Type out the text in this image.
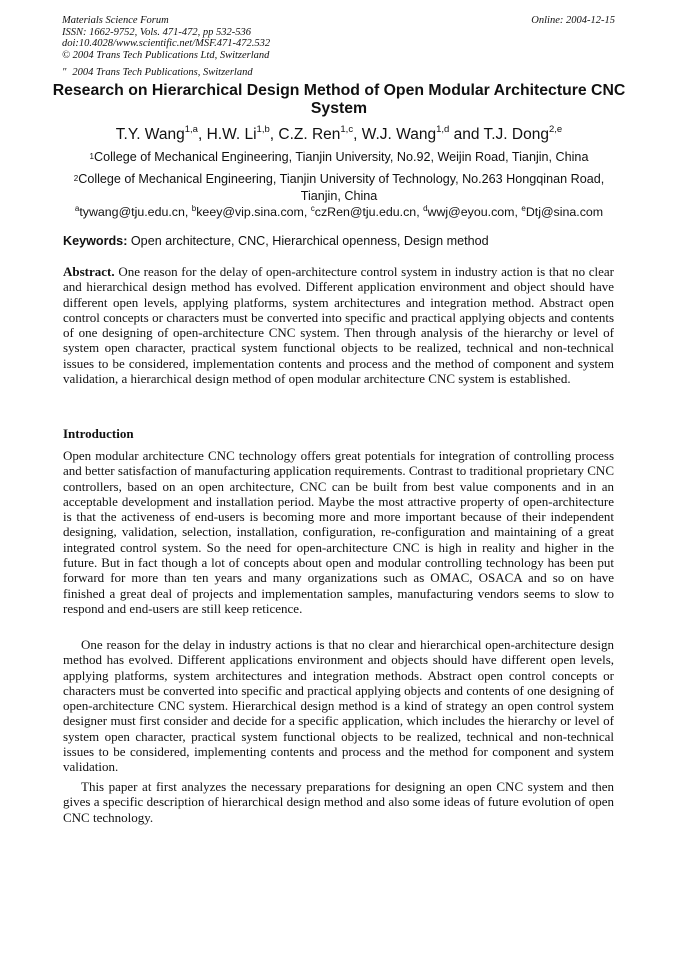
Materials Science Forum
ISSN: 1662-9752, Vols. 471-472, pp 532-536
doi:10.4028/www.scientific.net/MSF.471-472.532
© 2004 Trans Tech Publications Ltd, Switzerland
Online: 2004-12-15
" 2004 Trans Tech Publications, Switzerland
Research on Hierarchical Design Method of Open Modular Architecture CNC System
T.Y. Wang$^{1,a}$, H.W. Li$^{1,b}$, C.Z. Ren$^{1,c}$, W.J. Wang$^{1,d}$ and T.J. Dong$^{2,e}$
$^1$College of Mechanical Engineering, Tianjin University, No.92, Weijin Road, Tianjin, China
$^2$College of Mechanical Engineering, Tianjin University of Technology, No.263 Hongqinan Road, Tianjin, China
$^a$tywang@tju.edu.cn, $^b$keey@vip.sina.com, $^c$czRen@tju.edu.cn, $^d$wwj@eyou.com, $^e$Dtj@sina.com
Keywords: Open architecture, CNC, Hierarchical openness, Design method
Abstract. One reason for the delay of open-architecture control system in industry action is that no clear and hierarchical design method has evolved. Different application environment and object should have different open levels, applying platforms, system architectures and integration method. Abstract open control concepts or characters must be converted into specific and practical applying objects and contents of one designing of open-architecture CNC system. Then through analysis of the hierarchy or level of system open character, practical system functional objects to be realized, technical and non-technical issues to be considered, implementation contents and process and the method of component and system validation, a hierarchical design method of open modular architecture CNC system is established.
Introduction
Open modular architecture CNC technology offers great potentials for integration of controlling process and better satisfaction of manufacturing application requirements. Contrast to traditional proprietary CNC controllers, based on an open architecture, CNC can be built from best value components and in an acceptable development and installation period. Maybe the most attractive property of open-architecture is that the activeness of end-users is becoming more and more important because of their independent designing, validation, selection, installation, configuration, re-configuration and maintaining of a great integrated control system. So the need for open-architecture CNC is high in reality and higher in the future. But in fact though a lot of concepts about open and modular controlling technology has been put forward for more than ten years and many organizations such as OMAC, OSACA and so on have finished a great deal of projects and implementation samples, manufacturing vendors seems to slow to respond and end-users are still keep reticence.
One reason for the delay in industry actions is that no clear and hierarchical open-architecture design method has evolved. Different applications environment and objects should have different open levels, applying platforms, system architectures and integration methods. Abstract open control concepts or characters must be converted into specific and practical applying objects and contents of one designing of open-architecture CNC system. Hierarchical design method is a kind of strategy an open control system designer must first consider and decide for a specific application, which includes the hierarchy or level of system open character, practical system functional objects to be realized, technical and non-technical issues to be considered, implementing contents and process and the method for component and system validation.
This paper at first analyzes the necessary preparations for designing an open CNC system and then gives a specific description of hierarchical design method and also some ideas of future evolution of open CNC technology.
